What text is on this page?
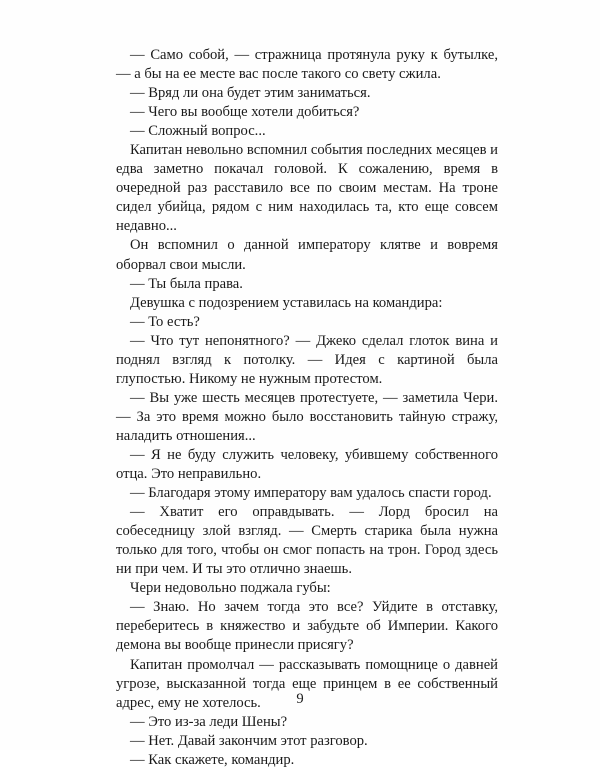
— Само собой, — стражница протянула руку к бутылке, — а бы на ее месте вас после такого со свету сжила.

— Вряд ли она будет этим заниматься.

— Чего вы вообще хотели добиться?

— Сложный вопрос...

Капитан невольно вспомнил события последних месяцев и едва заметно покачал головой. К сожалению, время в очередной раз расставило все по своим местам. На троне сидел убийца, рядом с ним находилась та, кто еще совсем недавно...

Он вспомнил о данной императору клятве и вовремя оборвал свои мысли.

— Ты была права.

Девушка с подозрением уставилась на командира:

— То есть?

— Что тут непонятного? — Джеко сделал глоток вина и поднял взгляд к потолку. — Идея с картиной была глупостью. Никому не нужным протестом.

— Вы уже шесть месяцев протестуете, — заметила Чери. — За это время можно было восстановить тайную стражу, наладить отношения...

— Я не буду служить человеку, убившему собственного отца. Это неправильно.

— Благодаря этому императору вам удалось спасти город.

— Хватит его оправдывать. — Лорд бросил на собеседницу злой взгляд. — Смерть старика была нужна только для того, чтобы он смог попасть на трон. Город здесь ни при чем. И ты это отлично знаешь.

Чери недовольно поджала губы:

— Знаю. Но зачем тогда это все? Уйдите в отставку, переберитесь в княжество и забудьте об Империи. Какого демона вы вообще принесли присягу?

Капитан промолчал — рассказывать помощнице о давней угрозе, высказанной тогда еще принцем в ее собственный адрес, ему не хотелось.

— Это из-за леди Шены?

— Нет. Давай закончим этот разговор.

— Как скажете, командир.

9
